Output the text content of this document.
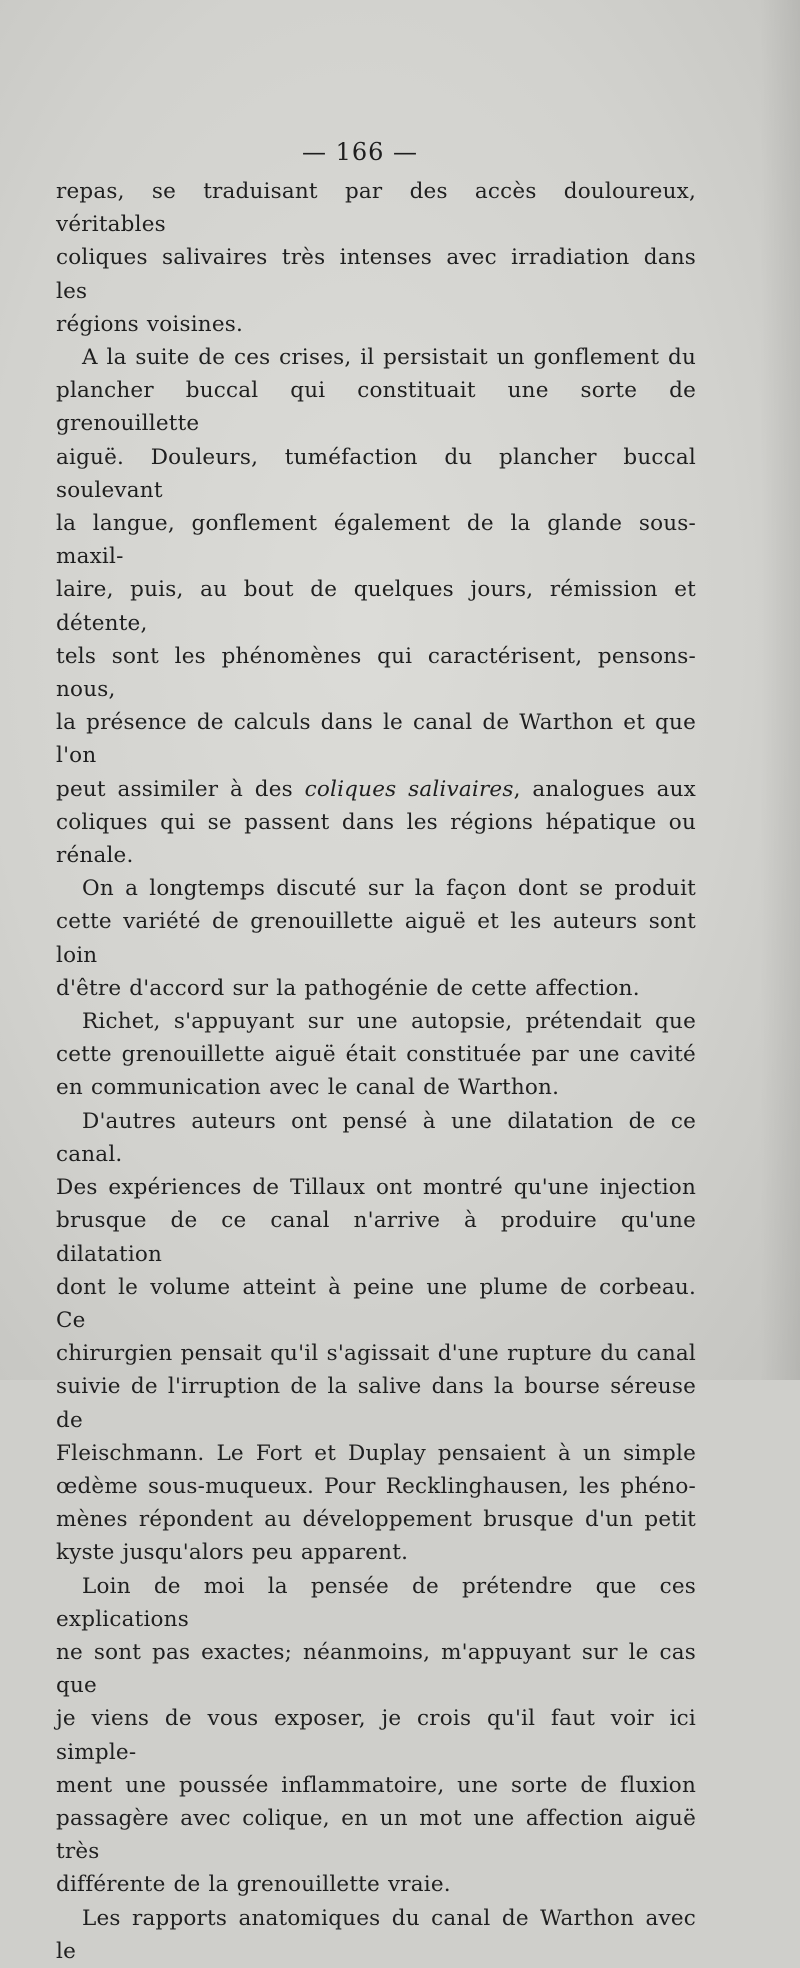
— 166 —

repas, se traduisant par des accès douloureux, véritables

coliques salivaires très intenses avec irradiation dans les

régions voisines.

A la suite de ces crises, il persistait un gonflement du

plancher buccal qui constituait une sorte de grenouillette

aiguë. Douleurs, tuméfaction du plancher buccal soulevant

la langue, gonflement également de la glande sous-maxil-

laire, puis, au bout de quelques jours, rémission et détente,

tels sont les phénomènes qui caractérisent, pensons-nous,

la présence de calculs dans le canal de Warthon et que l'on

peut assimiler à des coliques salivaires, analogues aux

coliques qui se passent dans les régions hépatique ou rénale.

On a longtemps discuté sur la façon dont se produit

cette variété de grenouillette aiguë et les auteurs sont loin

d'être d'accord sur la pathogénie de cette affection.

Richet, s'appuyant sur une autopsie, prétendait que

cette grenouillette aiguë était constituée par une cavité

en communication avec le canal de Warthon.

D'autres auteurs ont pensé à une dilatation de ce canal.

Des expériences de Tillaux ont montré qu'une injection

brusque de ce canal n'arrive à produire qu'une dilatation

dont le volume atteint à peine une plume de corbeau. Ce

chirurgien pensait qu'il s'agissait d'une rupture du canal

suivie de l'irruption de la salive dans la bourse séreuse de

Fleischmann. Le Fort et Duplay pensaient à un simple

œdème sous-muqueux. Pour Recklinghausen, les phéno-

mènes répondent au développement brusque d'un petit

kyste jusqu'alors peu apparent.

Loin de moi la pensée de prétendre que ces explications

ne sont pas exactes; néanmoins, m'appuyant sur le cas que

je viens de vous exposer, je crois qu'il faut voir ici simple-

ment une poussée inflammatoire, une sorte de fluxion

passagère avec colique, en un mot une affection aiguë très

différente de la grenouillette vraie.

Les rapports anatomiques du canal de Warthon avec le
